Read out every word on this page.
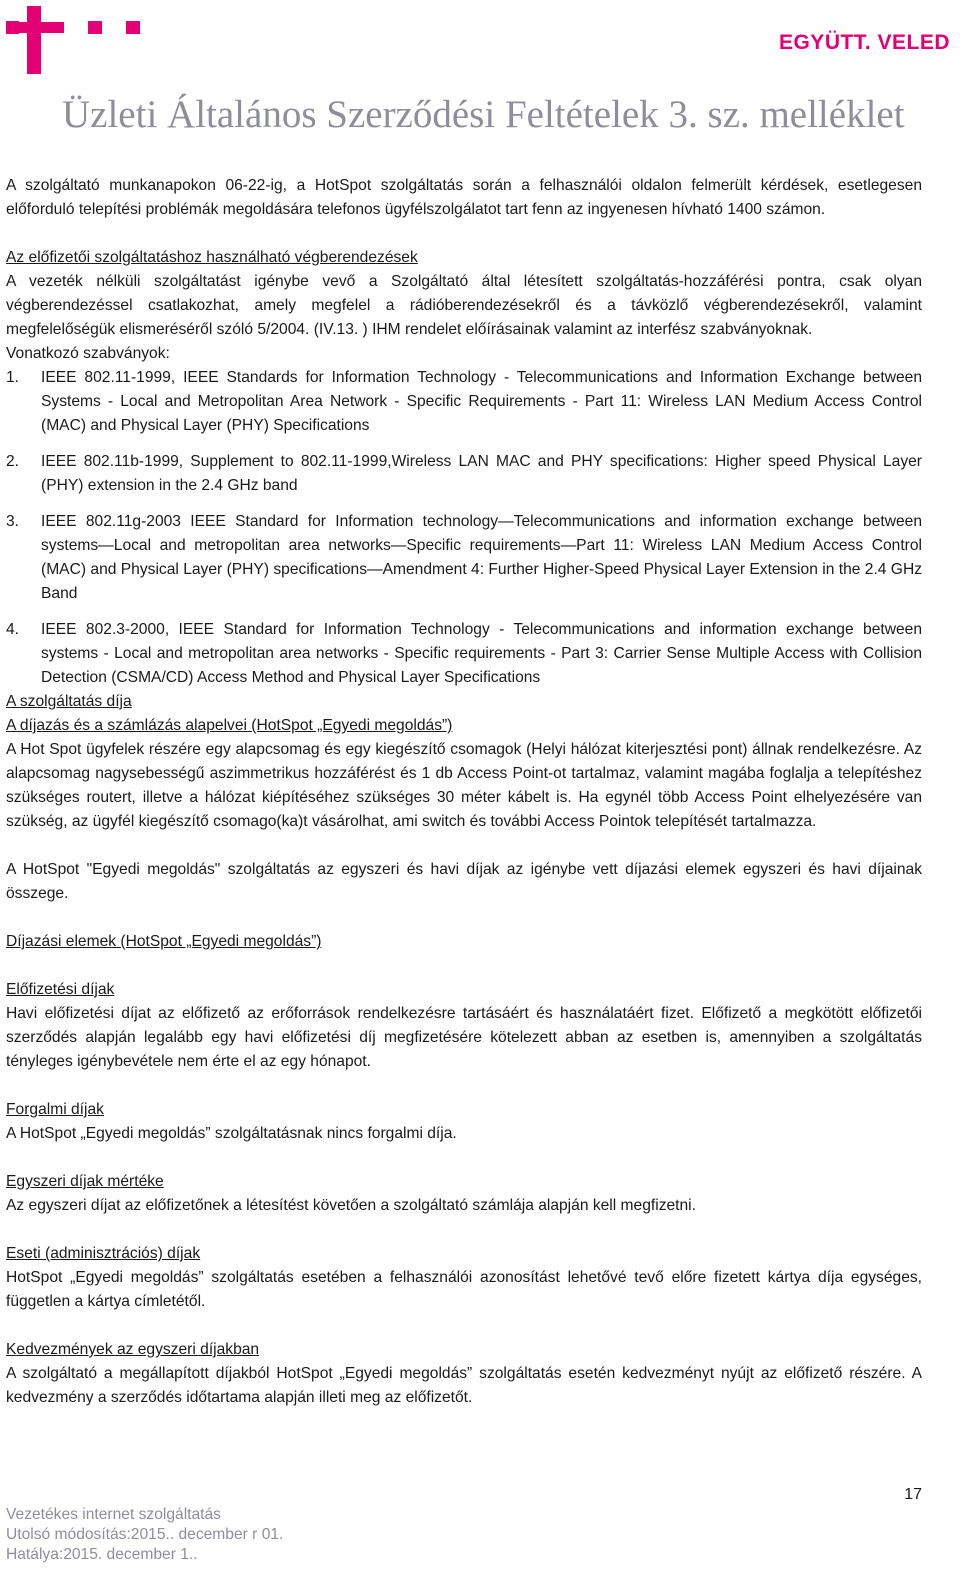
EGYÜTT. VELED
Üzleti Általános Szerződési Feltételek 3. sz. melléklet

A szolgáltató munkanapokon 06-22-ig, a HotSpot szolgáltatás során a felhasználói oldalon felmerült kérdések, esetlegesen előforduló telepítési problémák megoldására telefonos ügyfélszolgálatot tart fenn az ingyenesen hívható 1400 számon.

Az előfizetői szolgáltatáshoz használható végberendezések

A vezeték nélküli szolgáltatást igénybe vevő a Szolgáltató által létesített szolgáltatás-hozzáférési pontra, csak olyan végberendezéssel csatlakozhat, amely megfelel a rádióberendezésekről és a távközlő végberendezésekről, valamint megfelelőségük elismeréséről szóló 5/2004. (IV.13. ) IHM rendelet előírásainak valamint az interfész szabványoknak.

Vonatkozó szabványok:

1. IEEE 802.11-1999, IEEE Standards for Information Technology - Telecommunications and Information Exchange between Systems - Local and Metropolitan Area Network - Specific Requirements - Part 11: Wireless LAN Medium Access Control (MAC) and Physical Layer (PHY) Specifications
2. IEEE 802.11b-1999, Supplement to 802.11-1999,Wireless LAN MAC and PHY specifications: Higher speed Physical Layer (PHY) extension in the 2.4 GHz band
3. IEEE 802.11g-2003 IEEE Standard for Information technology—Telecommunications and information exchange between systems—Local and metropolitan area networks—Specific requirements—Part 11: Wireless LAN Medium Access Control (MAC) and Physical Layer (PHY) specifications—Amendment 4: Further Higher-Speed Physical Layer Extension in the 2.4 GHz Band
4. IEEE 802.3-2000, IEEE Standard for Information Technology - Telecommunications and information exchange between systems - Local and metropolitan area networks - Specific requirements - Part 3: Carrier Sense Multiple Access with Collision Detection (CSMA/CD) Access Method and Physical Layer Specifications

A szolgáltatás díja

A díjazás és a számlázás alapelvei (HotSpot „Egyedi megoldás”)

A Hot Spot ügyfelek részére egy alapcsomag és egy kiegészítő csomagok (Helyi hálózat kiterjesztési pont) állnak rendelkezésre. Az alapcsomag nagysebességű aszimmetrikus hozzáférést és 1 db Access Point-ot tartalmaz, valamint magába foglalja a telepítéshez szükséges routert, illetve a hálózat kiépítéséhez szükséges 30 méter kábelt is. Ha egynél több Access Point elhelyezésére van szükség, az ügyfél kiegészítő csomago(ka)t vásárolhat, ami switch és további Access Pointok telepítését tartalmazza.

A HotSpot "Egyedi megoldás" szolgáltatás az egyszeri és havi díjak az igénybe vett díjazási elemek egyszeri és havi díjainak összege.

Díjazási elemek (HotSpot „Egyedi megoldás”)

Előfizetési díjak

Havi előfizetési díjat az előfizető az erőforrások rendelkezésre tartásáért és használatáért fizet. Előfizető a megkötött előfizetői szerződés alapján legalább egy havi előfizetési díj megfizetésére kötelezett abban az esetben is, amennyiben a szolgáltatás tényleges igénybevétele nem érte el az egy hónapot.

Forgalmi díjak

A HotSpot „Egyedi megoldás” szolgáltatásnak nincs forgalmi díja.

Egyszeri díjak mértéke

Az egyszeri díjat az előfizetőnek a létesítést követően a szolgáltató számlája alapján kell megfizetni.

Eseti (adminisztrációs) díjak

HotSpot „Egyedi megoldás” szolgáltatás esetében a felhasználói azonosítást lehetővé tevő előre fizetett kártya díja egységes, független a kártya címletétől.

Kedvezmények az egyszeri díjakban

A szolgáltató a megállapított díjakból HotSpot „Egyedi megoldás” szolgáltatás esetén kedvezményt nyújt az előfizető részére. A kedvezmény a szerződés időtartama alapján illeti meg az előfizetőt.

17
Vezetékes internet szolgáltatás
Utolsó módosítás:2015.. december r 01.
Hatálya:2015. december 1..
